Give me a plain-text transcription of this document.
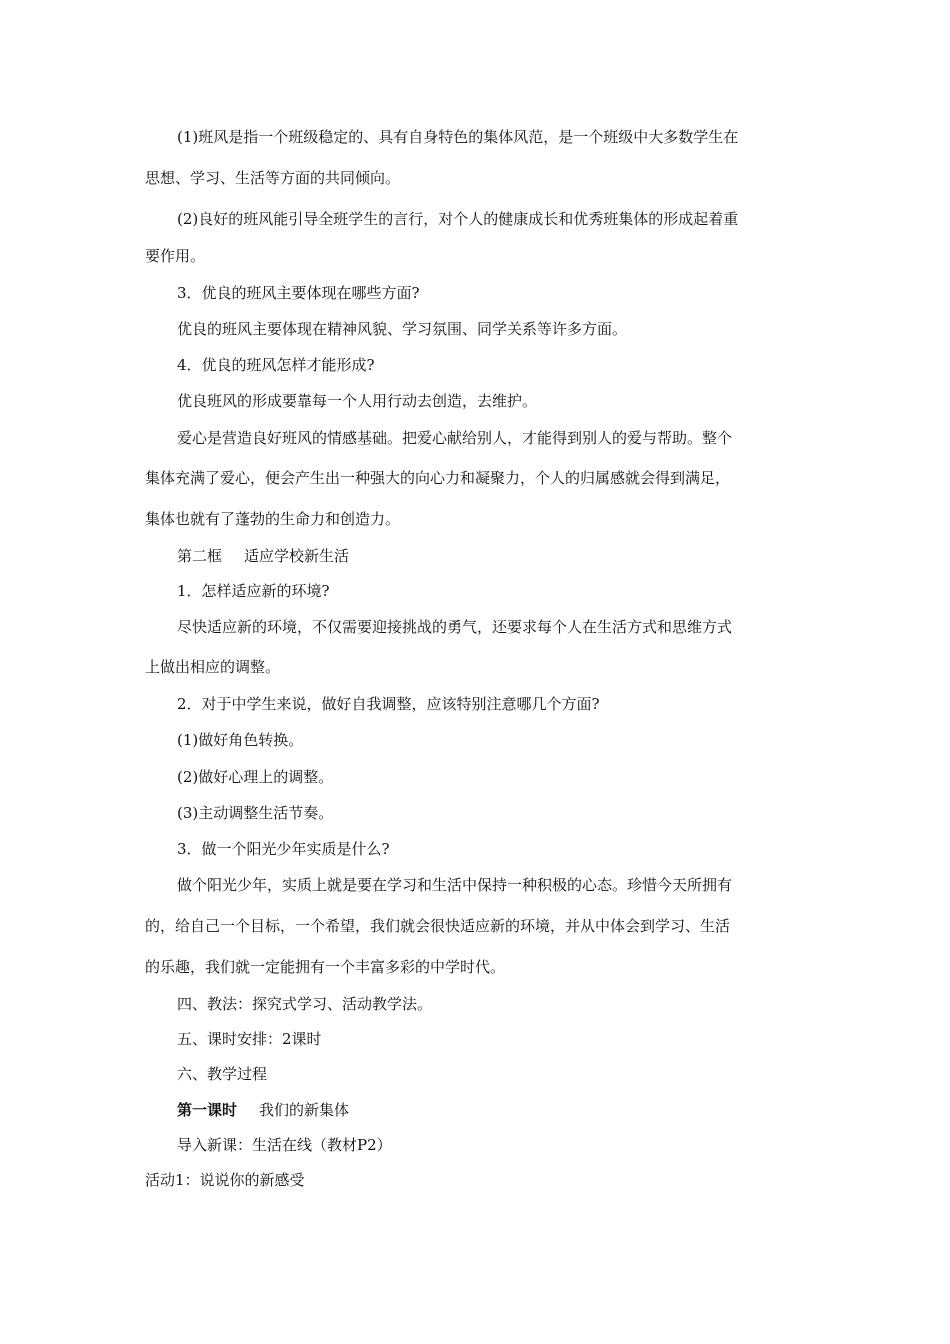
(1)班风是指一个班级稳定的、具有自身特色的集体风范，是一个班级中大多数学生在
思想、学习、生活等方面的共同倾向。
(2)良好的班风能引导全班学生的言行，对个人的健康成长和优秀班集体的形成起着重
要作用。
3．优良的班风主要体现在哪些方面?
优良的班风主要体现在精神风貌、学习氛围、同学关系等许多方面。
4．优良的班风怎样才能形成?
优良班风的形成要靠每一个人用行动去创造，去维护。
爱心是营造良好班风的情感基础。把爱心献给别人，才能得到别人的爱与帮助。整个
集体充满了爱心，便会产生出一种强大的向心力和凝聚力，个人的归属感就会得到满足，
集体也就有了蓬勃的生命力和创造力。
第二框 适应学校新生活
1．怎样适应新的环境?
尽快适应新的环境，不仅需要迎接挑战的勇气，还要求每个人在生活方式和思维方式
上做出相应的调整。
2．对于中学生来说，做好自我调整，应该特别注意哪几个方面?
(1)做好角色转换。
(2)做好心理上的调整。
(3)主动调整生活节奏。
3．做一个阳光少年实质是什么?
做个阳光少年，实质上就是要在学习和生活中保持一种积极的心态。珍惜今天所拥有
的，给自己一个目标，一个希望，我们就会很快适应新的环境，并从中体会到学习、生活
的乐趣，我们就一定能拥有一个丰富多彩的中学时代。
四、教法：探究式学习、活动教学法。
五、课时安排：2课时
六、教学过程
第一课时 我们的新集体
导入新课：生活在线（教材P2）
活动1：说说你的新感受
